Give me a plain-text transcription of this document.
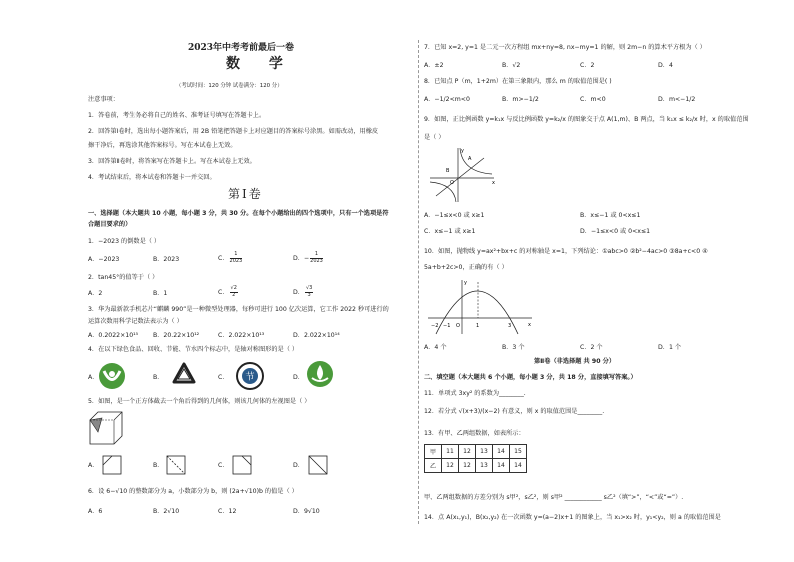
2023年中考考前最后一卷
数 学
（考试时间：120 分钟 试卷满分：120 分）
注意事项：
1．答卷前，考生务必将自己的姓名、准考证号填写在答题卡上。
2．回答第Ⅰ卷时，选出每小题答案后，用 2B 铅笔把答题卡上对应题目的答案标号涂黑。如需改动，用橡皮
擦干净后，再选涂其他答案标号。写在本试卷上无效。
3．回答第Ⅱ卷时，将答案写在答题卡上。写在本试卷上无效。
4．考试结束后，将本试卷和答题卡一并交回。
第Ⅰ卷
一、选择题（本大题共 10 小题，每小题 3 分，共 30 分。在每个小题给出的四个选项中，只有一个选项是符
合题目要求的）
1．−2023 的倒数是（ ）
A．−2023	B．2023	C． $\frac{1}{2023}$	D．− $\frac{1}{2023}$
2．tan45°的值等于（ ）
A．2	B．1	C． $\frac{√2}{2}$	D． $\frac{√3}{3}$
3．华为最新款手机芯片“麒麟 990”是一种微型处理器，每秒可进行 100 亿次运算，它工作 2022 秒可进行的
运算次数用科学记数法表示为（ ）
A．0.2022×10¹⁵ B．20.22×10¹²	C．2.022×10¹³	D．2.022×10¹⁴
4．在以下绿色食品、回收、节能、节水四个标志中，是轴对称图形的是（ ）
A．	B．	C． 节	D．
5．如图，是一个正方体截去一个角后得到的几何体，则该几何体的左视图是（ ）
A．	B．	C．	D．
6．设 6−√10 的整数部分为 a，小数部分为 b，则 (2a+√10)b 的值是（ ）
A．6	B．2√10	C．12	D．9√10
7．已知 x=2, y=1 是二元一次方程组 mx+ny=8, nx−my=1 的解，则 2m−n 的算术平方根为（ ）
A．±2	B．√2	C．2	D．4
8．已知点 P（m，1+2m）在第三象限内，那么 m 的取值范围是( )
A．−1/2<m<0	B．m>−1/2	C．m<0	D．m<−1/2
9．如图，正比例函数 y=k₁x 与反比例函数 y=k₂/x 的图象交于点 A(1,m)、B 两点，当 k₁x ≤ k₂/x 时，x 的取值范围
是（ ）
O
A
B
x
y
A．−1≤x<0 或 x≥1	B．x≤−1 或 0<x≤1
C．x≤−1 或 x≥1	D．−1≤x<0 或 0<x≤1
10．如图，抛物线 y=ax²+bx+c 的对称轴是 x=1，下列结论：①abc>0 ②b²−4ac>0 ③8a+c<0 ④
5a+b+2c>0，正确的有（ ）
−2 −1 O	1	3	x
y
A．4 个	B．3 个	C．2 个	D．1 个
第Ⅱ卷（非选择题 共 90 分）
二、填空题（本大题共 6 个小题，每小题 3 分，共 18 分，直接填写答案。）
11．单项式 3xy² 的系数为________.
12．若分式 √(x+3)/(x−2) 有意义，则 x 的取值范围是________.
13．有甲、乙两组数据，如表所示：
甲	11	12	13	14	15
乙	12	12	13	14	14
甲、乙两组数据的方差分别为 s甲²，s乙²，则 s甲² ____________ s乙²（填“>”，“<”或“=”）.
14．点 A(x₁,y₁)，B(x₂,y₂) 在一次函数 y=(a−2)x+1 的图象上，当 x₁>x₂ 时，y₁<y₂，则 a 的取值范围是
